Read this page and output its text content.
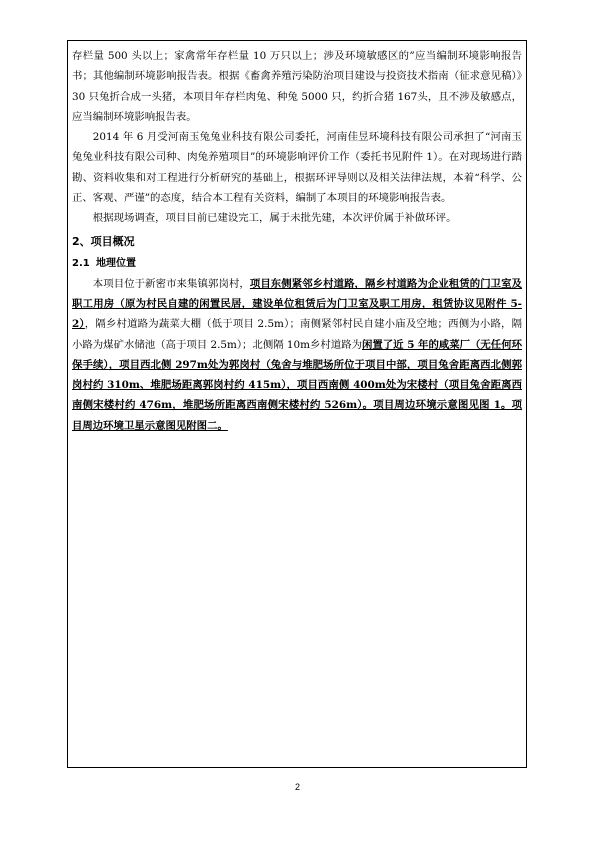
存栏量 500 头以上；家禽常年存栏量 10 万只以上；涉及环境敏感区的”应当编制环境影响报告书；其他编制环境影响报告表。根据《畜禽养殖污染防治项目建设与投资技术指南（征求意见稿）》30 只兔折合成一头猪，本项目年存栏肉兔、种兔 5000 只，约折合猪 167头，且不涉及敏感点，应当编制环境影响报告表。

2014 年 6 月受河南玉兔兔业科技有限公司委托，河南佳昱环境科技有限公司承担了“河南玉兔兔业科技有限公司种、肉兔养殖项目”的环境影响评价工作（委托书见附件 1）。在对现场进行踏勘、资料收集和对工程进行分析研究的基础上，根据环评导则以及相关法律法规，本着“科学、公正、客观、严谨”的态度，结合本工程有关资料，编制了本项目的环境影响报告表。

根据现场调查，项目目前已建设完工，属于未批先建，本次评价属于补做环评。

2、项目概况
2.1 地理位置

本项目位于新密市来集镇郭岗村，项目东侧紧邻乡村道路，隔乡村道路为企业租赁的门卫室及职工用房（原为村民自建的闲置民居，建设单位租赁后为门卫室及职工用房，租赁协议见附件 5-2），隔乡村道路为蔬菜大棚（低于项目 2.5m）；南侧紧邻村民自建小庙及空地；西侧为小路，隔小路为煤矿水储池（高于项目 2.5m）；北侧隔 10m乡村道路为闲置了近 5 年的咸菜厂（无任何环保手续），项目西北侧 297m处为郭岗村（兔舍与堆肥场所位于项目中部，项目兔舍距离西北侧郭岗村约 310m、堆肥场距离郭岗村约 415m），项目西南侧 400m处为宋楼村（项目兔舍距离西南侧宋楼村约 476m，堆肥场所距离西南侧宋楼村约 526m）。项目周边环境示意图见图 1。项目周边环境卫星示意图见附图二。

2
